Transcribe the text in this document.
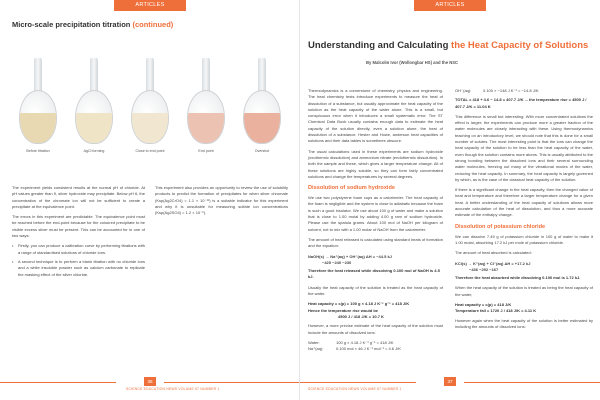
ARTICLES
Micro-scale precipitation titration (continued)
Before titration	AgCl forming	Close to end point	End point	Overshot

The experiment yields consistent results at the normal pH of chloride. At pH values greater than 9, silver hydroxide may precipitate. Below pH 6, the concentration of the chromate ion will not be sufficient to create a precipitate at the equivalence point.

The errors in this experiment are predictable. The equivalence point must be reached before the end-point because for the coloured precipitate to be visible excess silver must be present. This can be accounted for in one of two ways:

• Firstly, you can produce a calibration curve by performing titrations with a range of standardised solutions of chloride ions.
• A second technique is to perform a blank titration with no chloride ions and a white insoluble powder such as calcium carbonate to replicate the masking effect of the silver chloride.

This experiment also provides an opportunity to review the use of solubility products to predict the formation of precipitates for when silver chromate (Ksp(Ag2CrO4) = 1.1 × 10⁻¹²) is a suitable indicator for this experiment and why it is unsuitable for measuring sulfate ion concentrations (Ksp(Ag2SO4) = 1.2 × 10⁻⁵).

36
SCIENCE EDUCATION NEWS VOLUME 67 NUMBER 1
ARTICLES
Understanding and Calculating the Heat Capacity of Solutions
By Malcolm Ivor (Wollongbar HS) and the NSC

Thermodynamics is a cornerstone of chemistry, physics and engineering. The heat chemistry tests introduce experiments to measure the heat of dissolution of a substance, but usually approximate the heat capacity of the solution as the heat capacity of the water alone. This is a small, but conspicuous error when it introduces a small systematic error. The ST Chemical Data Book usually contains enough data to estimate the heat capacity of the solution directly, even a solution alone, the heat of dissolution of a substance. Hester and Howe, anderson heat capacities of solutions and their data tables is sometimes obscure.

The usual calculations used in these experiments are sodium hydroxide (exothermic dissolution) and ammonium nitrate (endothermic dissolution). In both the sample and these, which gives a larger temperature change. All of these solutions are highly soluble, so they can form fairly concentrated solutions and change the temperatures by several degrees.

Dissolution of sodium hydroxide

We use two polystyrene foam cups as a calorimeter. The heat capacity of the foam is negligible and the system is close to adiabatic because the foam is such a good insulator. We use about 100 g of water and make a solution that is close to 1.00 molal by adding 4.00 g ram of sodium hydroxide. Please use the spatula grams. About 100 mol of NaOH per kilogram of solvent, not to mix with a 1.00 molar of NaOH from the calorimeter.

The amount of heat released is calculated using standard heats of formation and the equation:

NaOH(s) → Na⁺(aq) + OH⁻(aq) ΔH = −44.5 kJ
−425 −240 −230

Therefore the heat released while dissolving 0.100 mol of NaOH is 4.5 kJ.

Usually the heat capacity of the solution is treated as the heat capacity of the water.

Heat capacity = c(p) = 100 g × 4.18 J K⁻¹ g⁻¹ = 418 J/K
Hence the temperature rise would be
4500 J / 418 J/K = 10.7 K

However, a more precise estimate of the heat capacity of the solution must include the amounts of dissolved ions:

Water:	100 g × 4.18 J K⁻¹ g⁻¹ = 418 J/K
Na⁺(aq):	0.100 mol × 46 J K⁻¹ mol⁻¹ = 4.6 J/K
OH⁻(aq):	0.100 × −148 J K⁻¹ = −14.8 J/K

TOTAL = 418 + 4.6 − 14.8 = 407.7 J/K ... the temperature rise = 4500 J / 407.7 J/K = 11.04 K

This difference is small but interesting. With more concentrated solutions the effect is larger; the experiments can produce more a greater fraction of the water molecules are closely interacting with these. Using thermodynamics teaching on an introductory level, we should note that this is done for a small number of solutes. The most interesting point is that the ions can change the heat capacity of the solution to be less than the heat capacity of the water, even though the solution contains more atoms. This is usually attributed to the strong bonding between the dissolved ions and their several surrounding water molecules, freezing out many of the vibrational modes of the water, reducing the heat capacity. In summary, the heat capacity is largely governed by which, as is the case of the classical heat capacity of the solution.

If there is a significant change in the heat capacity, then the changed value of heat and temperature and therefore a larger temperature change for a given heat. A better understanding of the heat capacity of solutions allows more accurate calculation of the heat of dissolution, and thus a more accurate estimate of the enthalpy change.

Dissolution of potassium chloride

We can dissolve 7.45 g of potassium chloride in 100 g of water to make it 1.00 molal, absorbing 17.2 kJ per mole of potassium chloride.

The amount of heat absorbed is calculated:

KCl(s) → K⁺(aq) + Cl⁻(aq) ΔH = +17.2 kJ
−436 −252 −167

Therefore the heat absorbed while dissolving 0.100 mol is 1.72 kJ.

When the heat capacity of the solution is treated as being the heat capacity of the water,

Heat capacity = c(p) = 418 J/K
Temperature fall = 1720 J / 418 J/K = 4.11 K

However again when the heat capacity of the solution is better estimated by including the amounts of dissolved ions:

37
SCIENCE EDUCATION NEWS VOLUME 67 NUMBER 1
